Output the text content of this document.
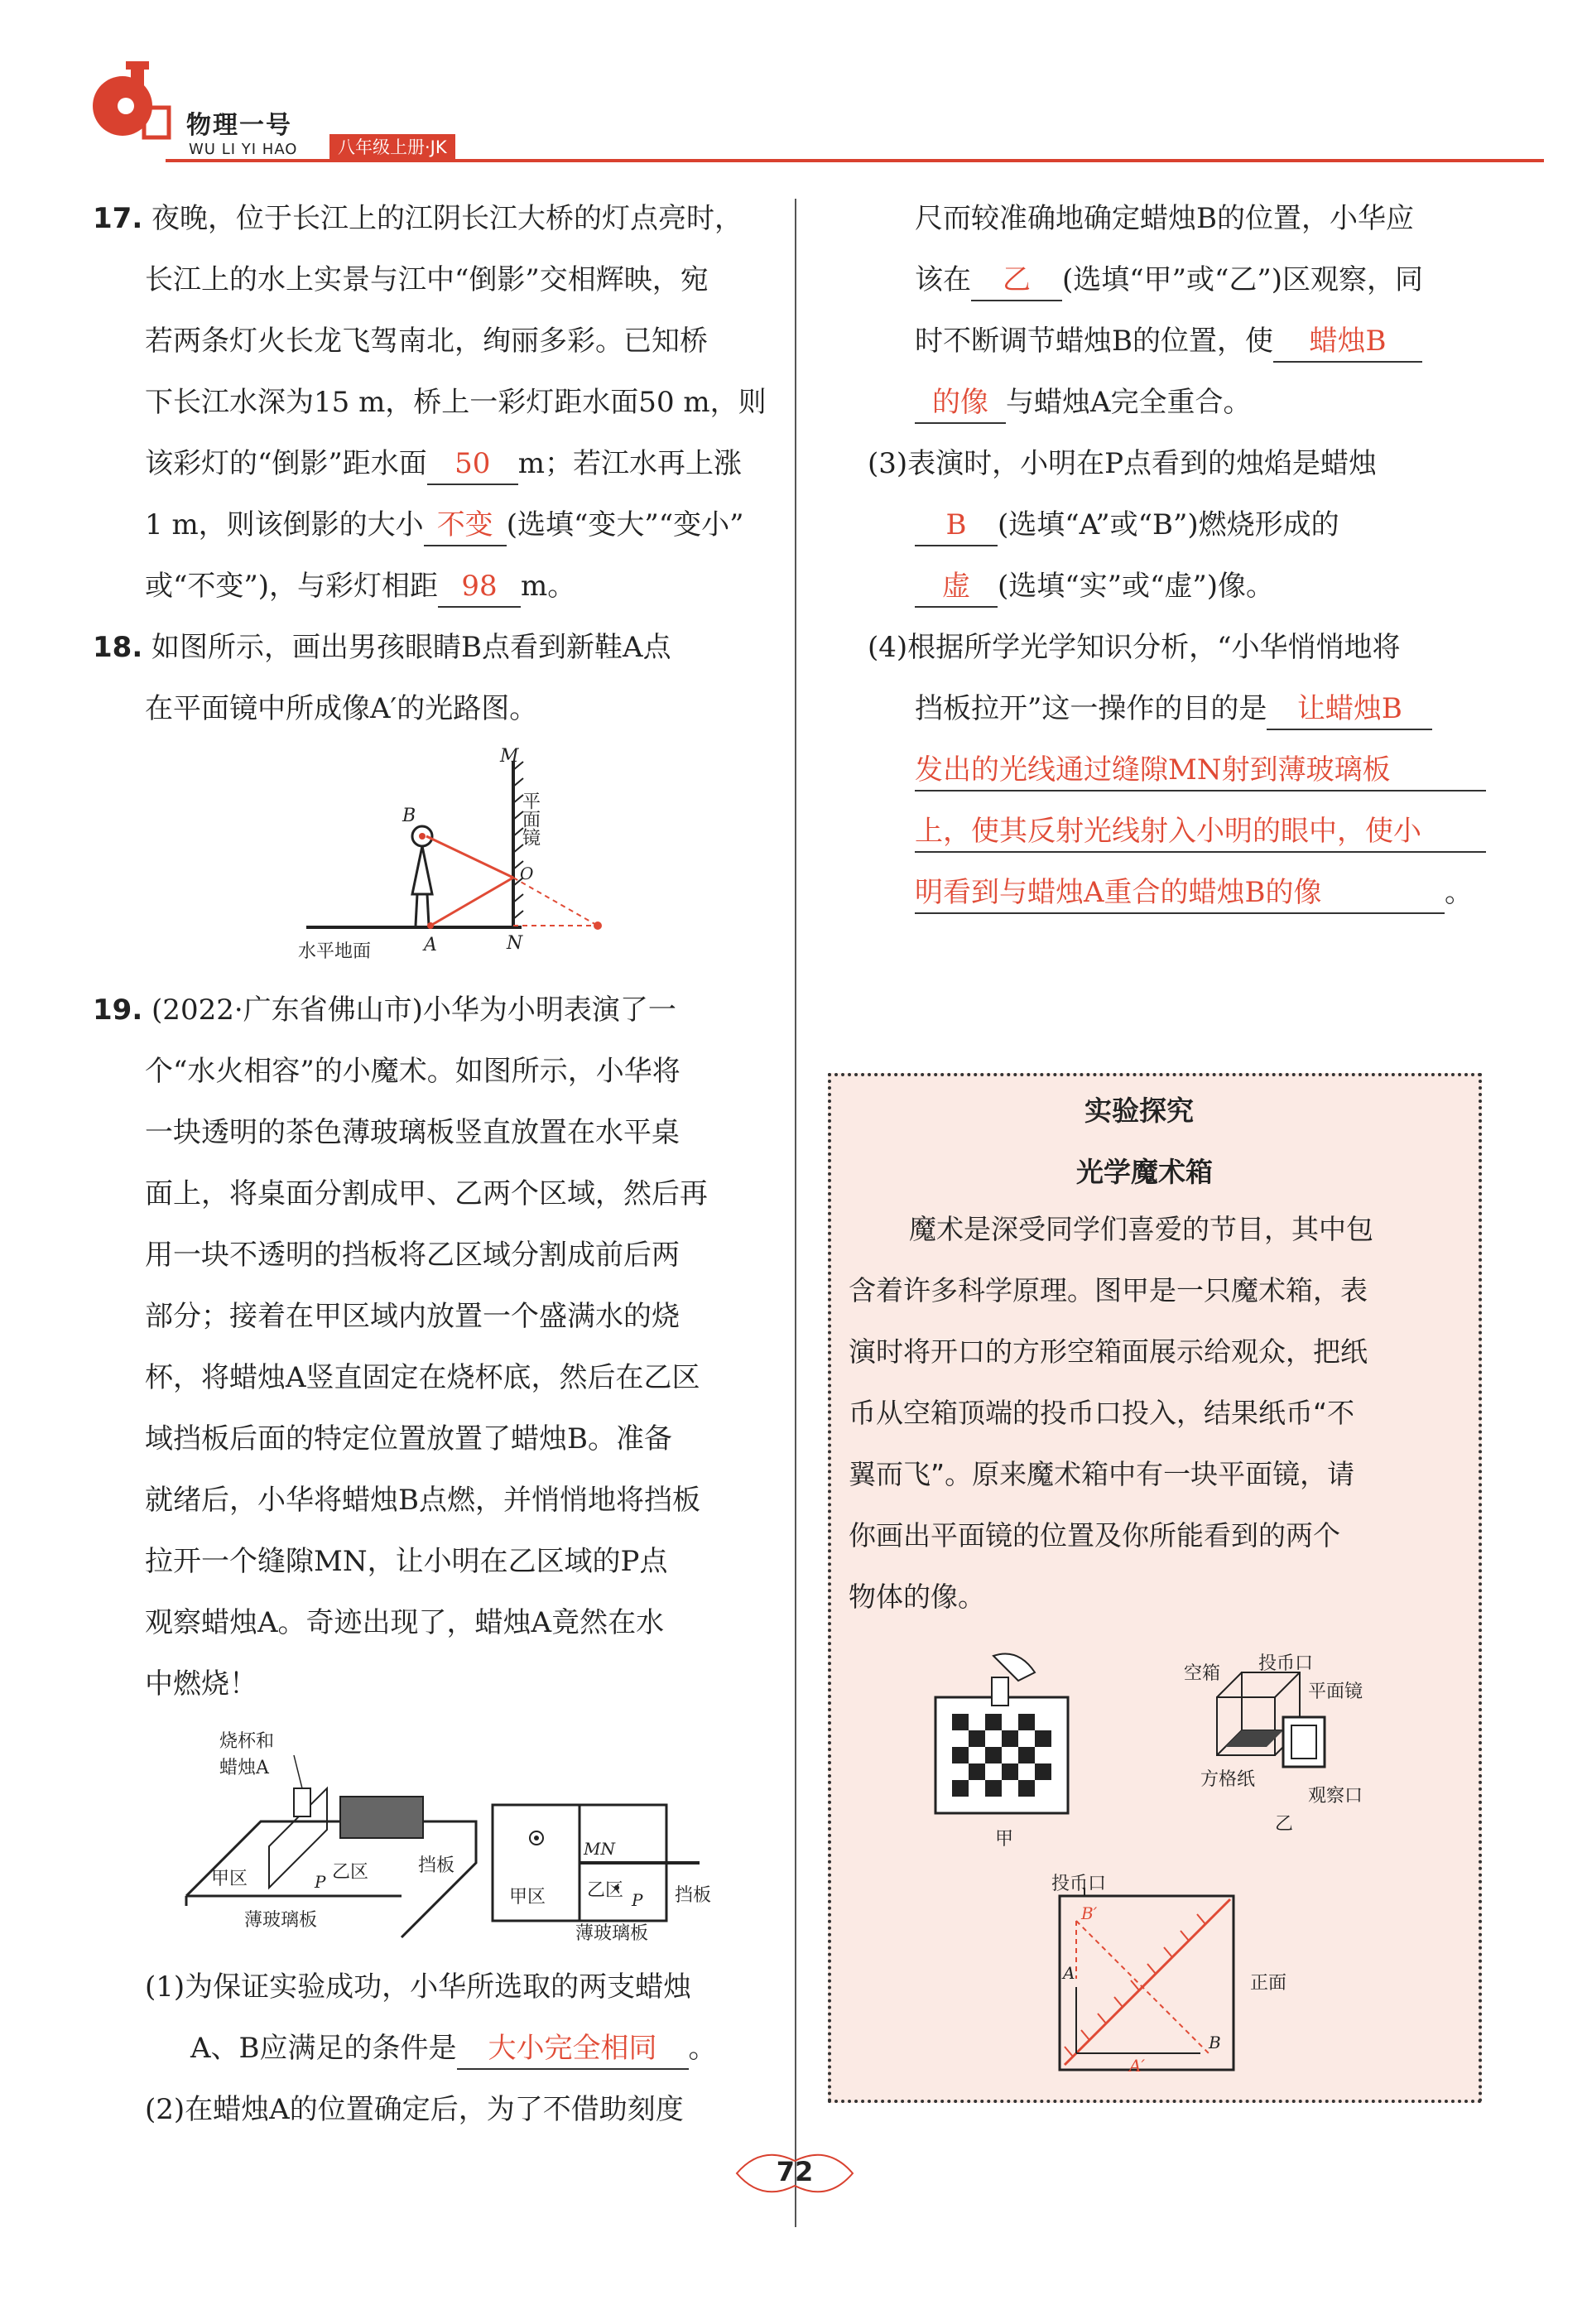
物理一号
WU LI YI HAO	八年级上册·JK
17. 夜晚，位于长江上的江阴长江大桥的灯点亮时，
长江上的水上实景与江中“倒影”交相辉映，宛
若两条灯火长龙飞驾南北，绚丽多彩。已知桥
下长江水深为15 m，桥上一彩灯距水面50 m，则
该彩灯的“倒影”距水面 50 m；若江水再上涨
1 m，则该倒影的大小 不变 (选填“变大”“变小”
或“不变”)，与彩灯相距 98 m。
18. 如图所示，画出男孩眼睛B点看到新鞋A点
在平面镜中所成像A′的光路图。
M
N
B
A
O
平面镜
水平地面
19. (2022·广东省佛山市)小华为小明表演了一
个“水火相容”的小魔术。如图所示，小华将
一块透明的茶色薄玻璃板竖直放置在水平桌
面上，将桌面分割成甲、乙两个区域，然后再
用一块不透明的挡板将乙区域分割成前后两
部分；接着在甲区域内放置一个盛满水的烧
杯，将蜡烛A竖直固定在烧杯底，然后在乙区
域挡板后面的特定位置放置了蜡烛B。准备
就绪后，小华将蜡烛B点燃，并悄悄地将挡板
拉开一个缝隙MN，让小明在乙区域的P点
观察蜡烛A。奇迹出现了，蜡烛A竟然在水
中燃烧！
甲区	乙区
P
挡板
薄玻璃板
烧杯和
蜡烛A
甲区 乙区 P
MN
挡板
薄玻璃板
(1)为保证实验成功，小华所选取的两支蜡烛
A、B应满足的条件是 大小完全相同 。
(2)在蜡烛A的位置确定后，为了不借助刻度
尺而较准确地确定蜡烛B的位置，小华应
该在 乙 (选填“甲”或“乙”)区观察，同
时不断调节蜡烛B的位置，使 蜡烛B
的像 与蜡烛A完全重合。
(3)表演时，小明在P点看到的烛焰是蜡烛
B (选填“A”或“B”)燃烧形成的
虚 (选填“实”或“虚”)像。
(4)根据所学光学知识分析，“小华悄悄地将
挡板拉开”这一操作的目的是 让蜡烛B
发出的光线通过缝隙MN射到薄玻璃板
上，使其反射光线射入小明的眼中，使小
明看到与蜡烛A重合的蜡烛B的像	。
实验探究
光学魔术箱
魔术是深受同学们喜爱的节目，其中包
含着许多科学原理。图甲是一只魔术箱，表
演时将开口的方形空箱面展示给观众，把纸
币从空箱顶端的投币口投入，结果纸币“不
翼而飞”。原来魔术箱中有一块平面镜，请
你画出平面镜的位置及你所能看到的两个
物体的像。
甲
空箱 投币口
平面镜
方格纸
观察口
乙
投币口
正面
A
A′
B
B′
72
